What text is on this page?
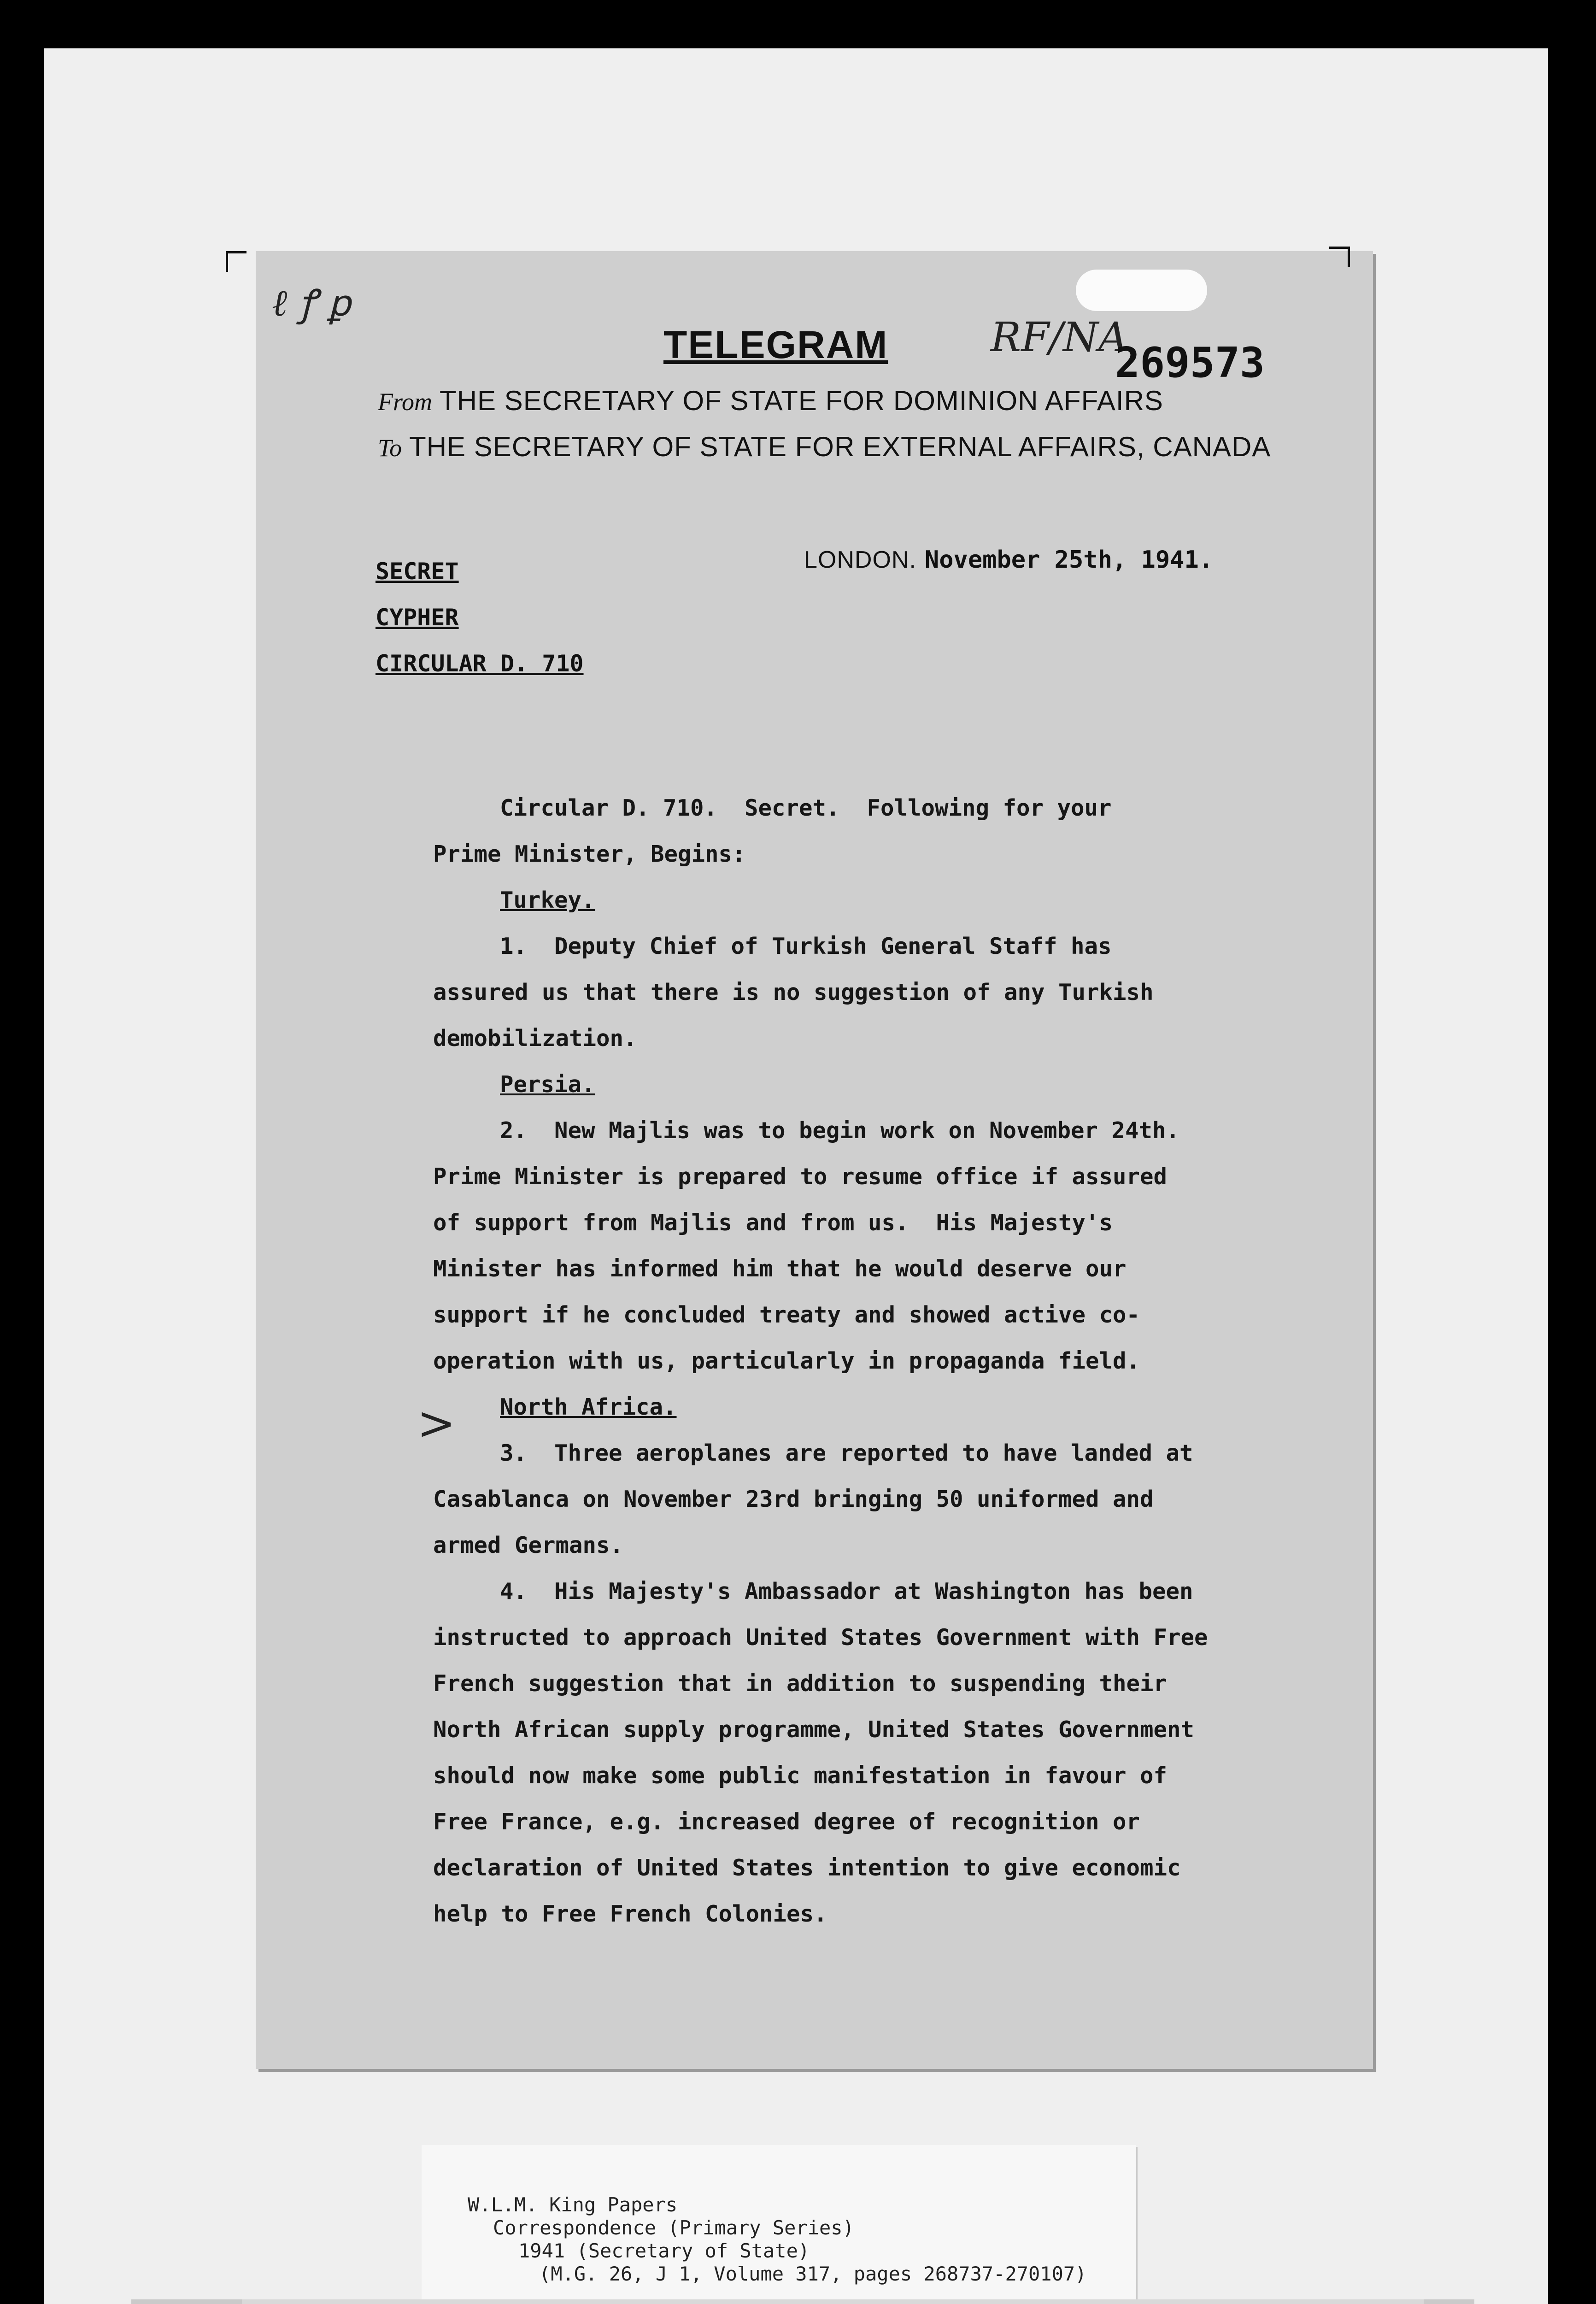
ℓ ꝭ ꝑ
RF/NA
269573
TELEGRAM
From THE SECRETARY OF STATE FOR DOMINION AFFAIRS
To THE SECRETARY OF STATE FOR EXTERNAL AFFAIRS, CANADA
SECRET
CYPHER
CIRCULAR D. 710
LONDON. November 25th, 1941.
Circular D. 710.  Secret.  Following for your
Prime Minister, Begins:
Turkey.
1.  Deputy Chief of Turkish General Staff has
assured us that there is no suggestion of any Turkish
demobilization.
Persia.
2.  New Majlis was to begin work on November 24th.
Prime Minister is prepared to resume office if assured
of support from Majlis and from us.  His Majesty's
Minister has informed him that he would deserve our
support if he concluded treaty and showed active co-
operation with us, particularly in propaganda field.
> North Africa.
3.  Three aeroplanes are reported to have landed at
Casablanca on November 23rd bringing 50 uniformed and
armed Germans.
4.  His Majesty's Ambassador at Washington has been
instructed to approach United States Government with Free
French suggestion that in addition to suspending their
North African supply programme, United States Government
should now make some public manifestation in favour of
Free France, e.g. increased degree of recognition or
declaration of United States intention to give economic
help to Free French Colonies.
W.L.M. King Papers
Correspondence (Primary Series)
1941 (Secretary of State)
(M.G. 26, J 1, Volume 317, pages 268737-270107)
